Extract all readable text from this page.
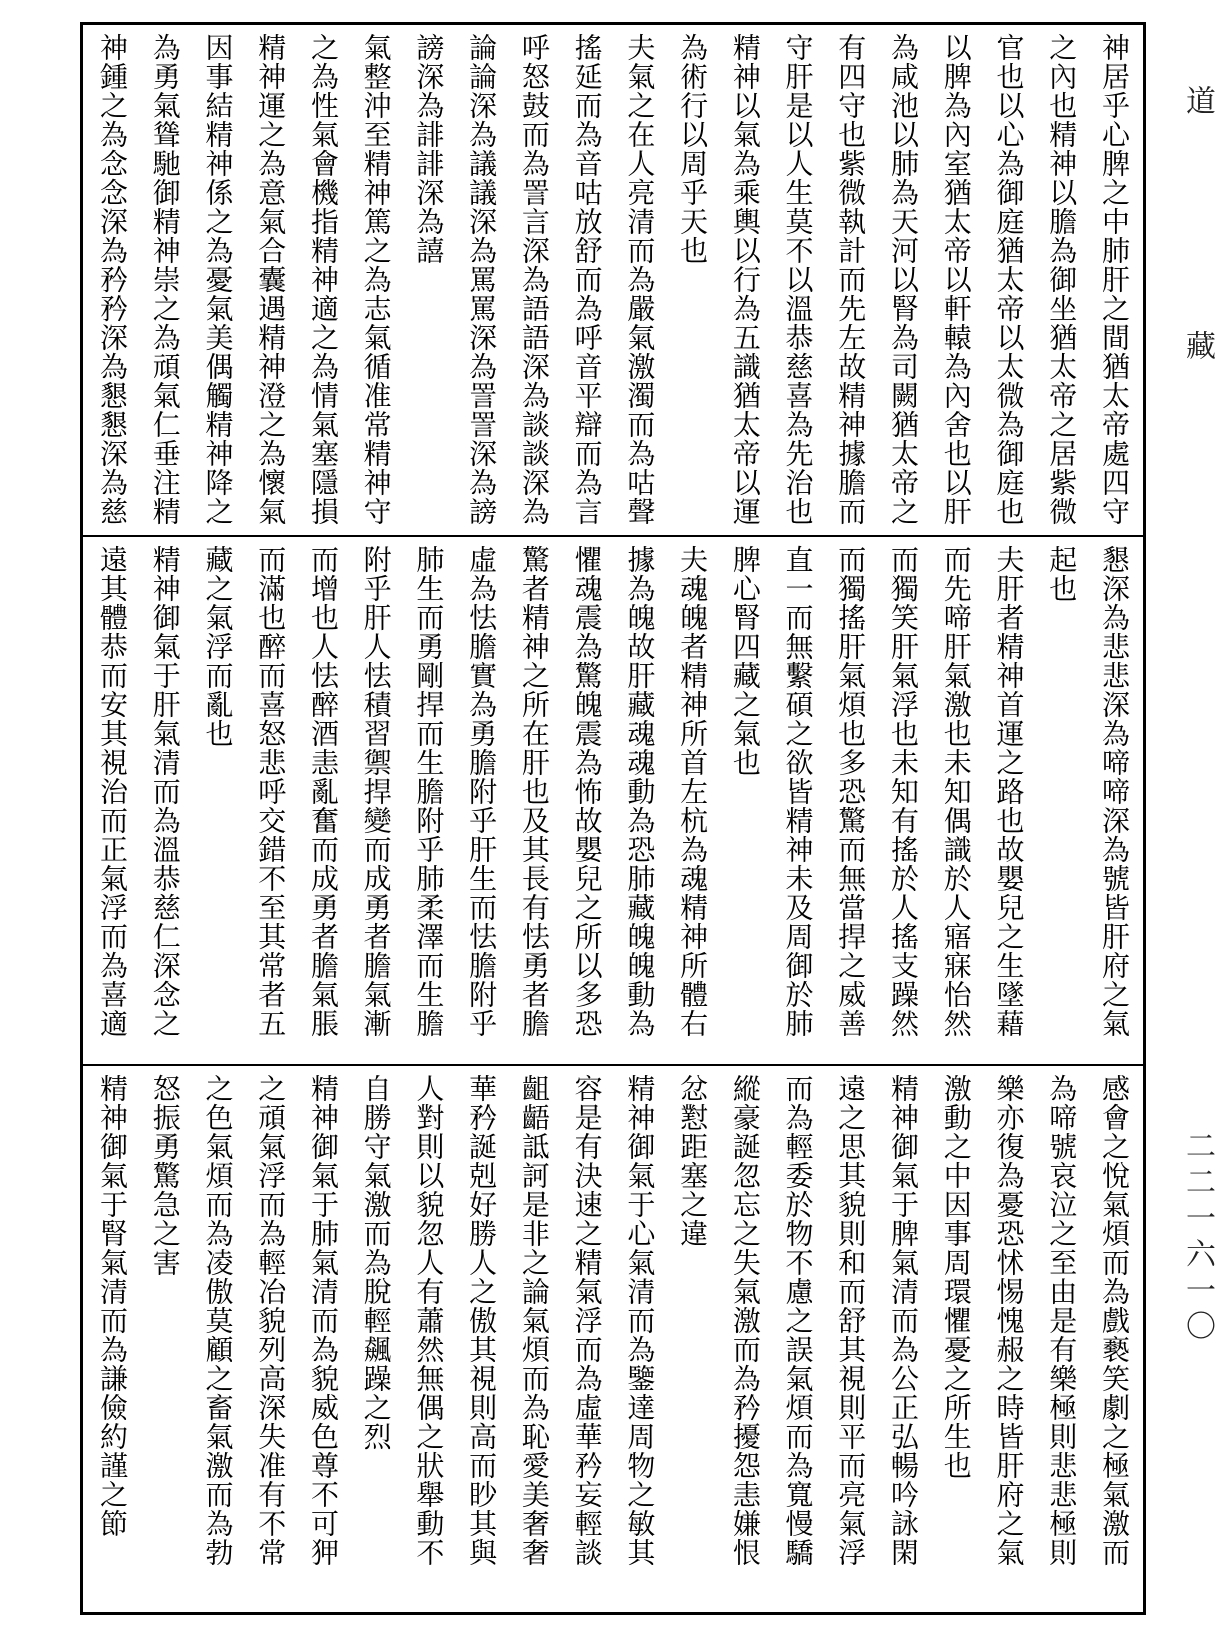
神居乎心脾之中肺肝之間猶太帝處四守
之內也精神以膽為御坐猶太帝之居紫微
官也以心為御庭猶太帝以太微為御庭也
以脾為內室猶太帝以軒轅為內舍也以肝
為咸池以肺為天河以腎為司闕猶太帝之
有四守也紫微執計而先左故精神據膽而
守肝是以人生莫不以溫恭慈喜為先治也
精神以氣為乘輿以行為五識猶太帝以運
為術行以周乎天也
夫氣之在人亮清而為嚴氣激濁而為咕聲
搖延而為音咕放舒而為呼音平辯而為言
呼怒鼓而為詈言深為語語深為談談深為
論論深為議議深為罵罵深為詈詈深為謗
謗深為誹誹深為譆
氣整沖至精神篤之為志氣循准常精神守
之為性氣會機指精神適之為情氣塞隱損
精神運之為意氣合囊遇精神澄之為懷氣
因事結精神係之為憂氣美偶觸精神降之
為勇氣聳馳御精神崇之為頑氣仁垂注精
神鍾之為念念深為矜矜深為懇懇深為慈
懇深為悲悲深為啼啼深為號皆肝府之氣
起也
夫肝者精神首運之路也故嬰兒之生墜藉
而先啼肝氣激也未知偶識於人寤寐怡然
而獨笑肝氣浮也未知有搖於人搖支躁然
而獨搖肝氣煩也多恐驚而無當捍之威善
直一而無繫碩之欲皆精神未及周御於肺
脾心腎四藏之氣也
夫魂魄者精神所首左杭為魂精神所體右
據為魄故肝藏魂魂動為恐肺藏魄魄動為
懼魂震為驚魄震為怖故嬰兒之所以多恐
驚者精神之所在肝也及其長有怯勇者膽
虛為怯膽實為勇膽附乎肝生而怯膽附乎
肺生而勇剛捍而生膽附乎肺柔澤而生膽
附乎肝人怯積習禦捍變而成勇者膽氣漸
而增也人怯醉酒恚亂奮而成勇者膽氣脹
而滿也醉而喜怒悲呼交錯不至其常者五
藏之氣浮而亂也
精神御氣于肝氣清而為溫恭慈仁深念之
遠其體恭而安其視治而正氣浮而為喜適
感會之悅氣煩而為戲褻笑劇之極氣激而
為啼號哀泣之至由是有樂極則悲悲極則
樂亦復為憂恐怵惕愧赧之時皆肝府之氣
激動之中因事周環懼憂之所生也
精神御氣于脾氣清而為公正弘暢吟詠閑
遠之思其貌則和而舒其視則平而亮氣浮
而為輕委於物不慮之誤氣煩而為寬慢驕
縱豪誕忽忘之失氣激而為矜擾怨恚嫌恨
忿懟距塞之違
精神御氣于心氣清而為鑒達周物之敏其
容是有決速之精氣浮而為虛華矜妄輕談
齟齬詆訶是非之論氣煩而為恥愛美奢奢
華矜誕剋好勝人之傲其視則高而眇其與
人對則以貌忽人有蕭然無偶之狀舉動不
自勝守氣激而為脫輕飆躁之烈
精神御氣于肺氣清而為貌威色尊不可狎
之頑氣浮而為輕冶貌列高深失准有不常
之色氣煩而為凌傲莫顧之畜氣激而為勃
怒振勇驚急之害
精神御氣于腎氣清而為謙儉約謹之節
道
藏
二二一六一〇
